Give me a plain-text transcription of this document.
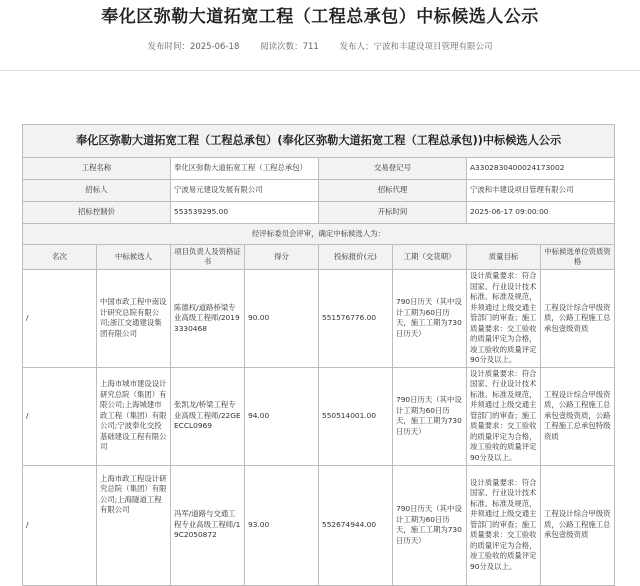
奉化区弥勒大道拓宽工程（工程总承包）中标候选人公示
发布时间：2025-06-18 阅读次数：711 发布人：宁波和丰建设项目管理有限公司
奉化区弥勒大道拓宽工程（工程总承包）(奉化区弥勒大道拓宽工程（工程总承包))中标候选人公示							
工程名称		奉化区弥勒大道拓宽工程（工程总承包）		交易登记号		A3302830400024173002	
招标人		宁波易元建设发展有限公司		招标代理		宁波和丰建设项目管理有限公司	
招标控制价		553539295.00		开标时间		2025-06-17 09:00:00	
经评标委员会评审，确定中标候选人为：							
名次	中标候选人	项目负责人及资格证书	得分	投标报价(元)	工期（交货期）	质量目标	中标候选单位资质资格
/	中国市政工程中南设计研究总院有限公司;浙江交通建设集团有限公司	陈德权/道路桥梁专业高级工程师/20193330468	90.00	551576776.00	790日历天（其中设计工期为60日历天，施工工期为730日历天）	设计质量要求：符合国家、行业设计技术标准、标准及规范，并须通过上级交通主管部门的审查；施工质量要求：交工验收的质量评定为合格，竣工验收的质量评定90分及以上。	工程设计综合甲级资质，公路工程施工总承包壹级资质
/	上海市城市建设设计研究总院（集团）有限公司;上海城建市政工程（集团）有限公司;宁波奉化交投基础建设工程有限公司	张凯龙/桥梁工程专业高级工程师/22GEECCL0969	94.00	550514001.00	790日历天（其中设计工期为60日历天，施工工期为730日历天）	设计质量要求：符合国家、行业设计技术标准、标准及规范，并须通过上级交通主管部门的审查；施工质量要求：交工验收的质量评定为合格，竣工验收的质量评定90分及以上。	工程设计综合甲级资质，公路工程施工总承包壹级资质，公路工程施工总承包特级资质
/	上海市政工程设计研究总院（集团）有限公司;上海隧道工程有限公司	冯军/道路与交通工程专业高级工程师/19C2050872	93.00	552674944.00	790日历天（其中设计工期为60日历天，施工工期为730日历天）	设计质量要求：符合国家、行业设计技术标准、标准及规范，并须通过上级交通主管部门的审查；施工质量要求：交工验收的质量评定为合格，竣工验收的质量评定90分及以上。	工程设计综合甲级资质，公路工程施工总承包壹级资质
